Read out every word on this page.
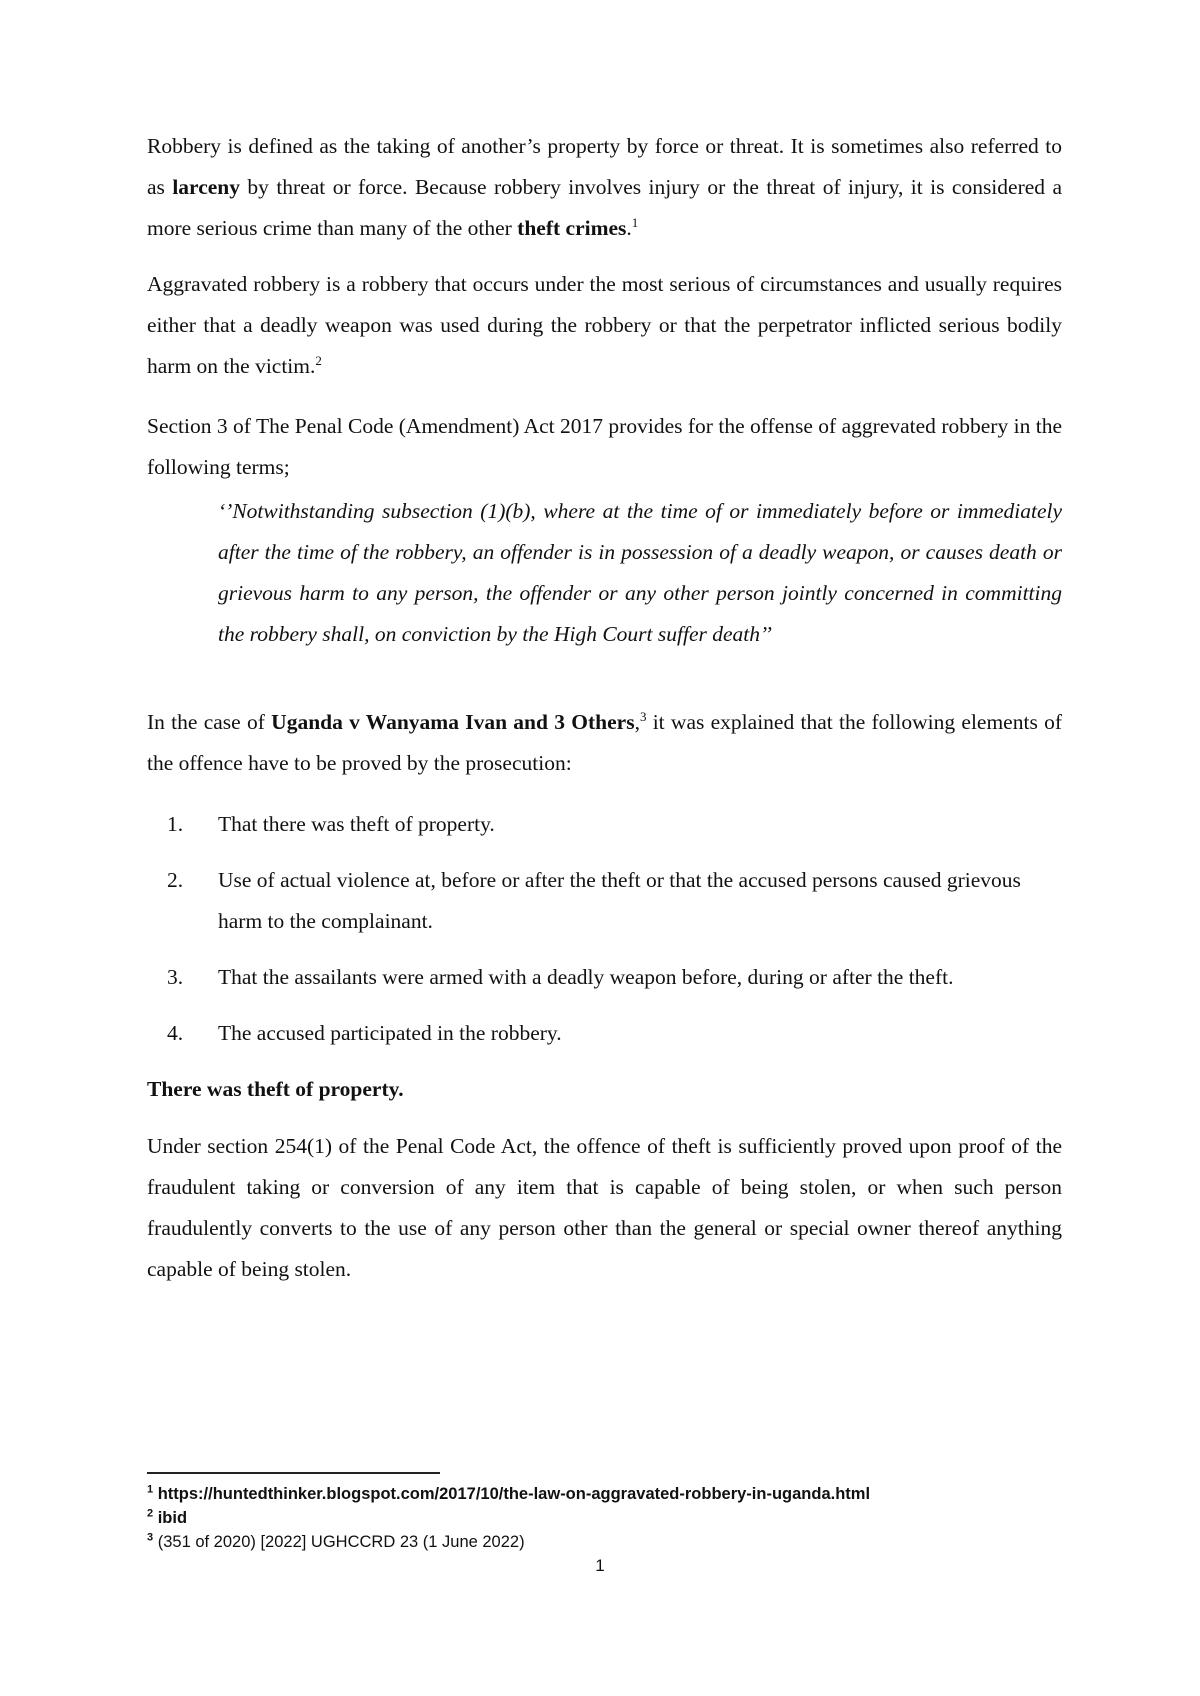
Robbery is defined as the taking of another’s property by force or threat. It is sometimes also referred to as larceny by threat or force. Because robbery involves injury or the threat of injury, it is considered a more serious crime than many of the other theft crimes.$^1$

Aggravated robbery is a robbery that occurs under the most serious of circumstances and usually requires either that a deadly weapon was used during the robbery or that the perpetrator inflicted serious bodily harm on the victim.$^2$

Section 3 of The Penal Code (Amendment) Act 2017 provides for the offense of aggrevated robbery in the following terms;

‘’Notwithstanding subsection (1)(b), where at the time of or immediately before or immediately after the time of the robbery, an offender is in possession of a deadly weapon, or causes death or grievous harm to any person, the offender or any other person jointly concerned in committing the robbery shall, on conviction by the High Court suffer death’’

In the case of Uganda v Wanyama Ivan and 3 Others,$^3$ it was explained that the following elements of the offence have to be proved by the prosecution:

1. That there was theft of property.
2. Use of actual violence at, before or after the theft or that the accused persons caused grievous harm to the complainant.
3. That the assailants were armed with a deadly weapon before, during or after the theft.
4. The accused participated in the robbery.

There was theft of property.

Under section 254(1) of the Penal Code Act, the offence of theft is sufficiently proved upon proof of the fraudulent taking or conversion of any item that is capable of being stolen, or when such person fraudulently converts to the use of any person other than the general or special owner thereof anything capable of being stolen.

$^1$ https://huntedthinker.blogspot.com/2017/10/the-law-on-aggravated-robbery-in-uganda.html

$^2$ ibid

$^3$ (351 of 2020) [2022] UGHCCRD 23 (1 June 2022)

1
